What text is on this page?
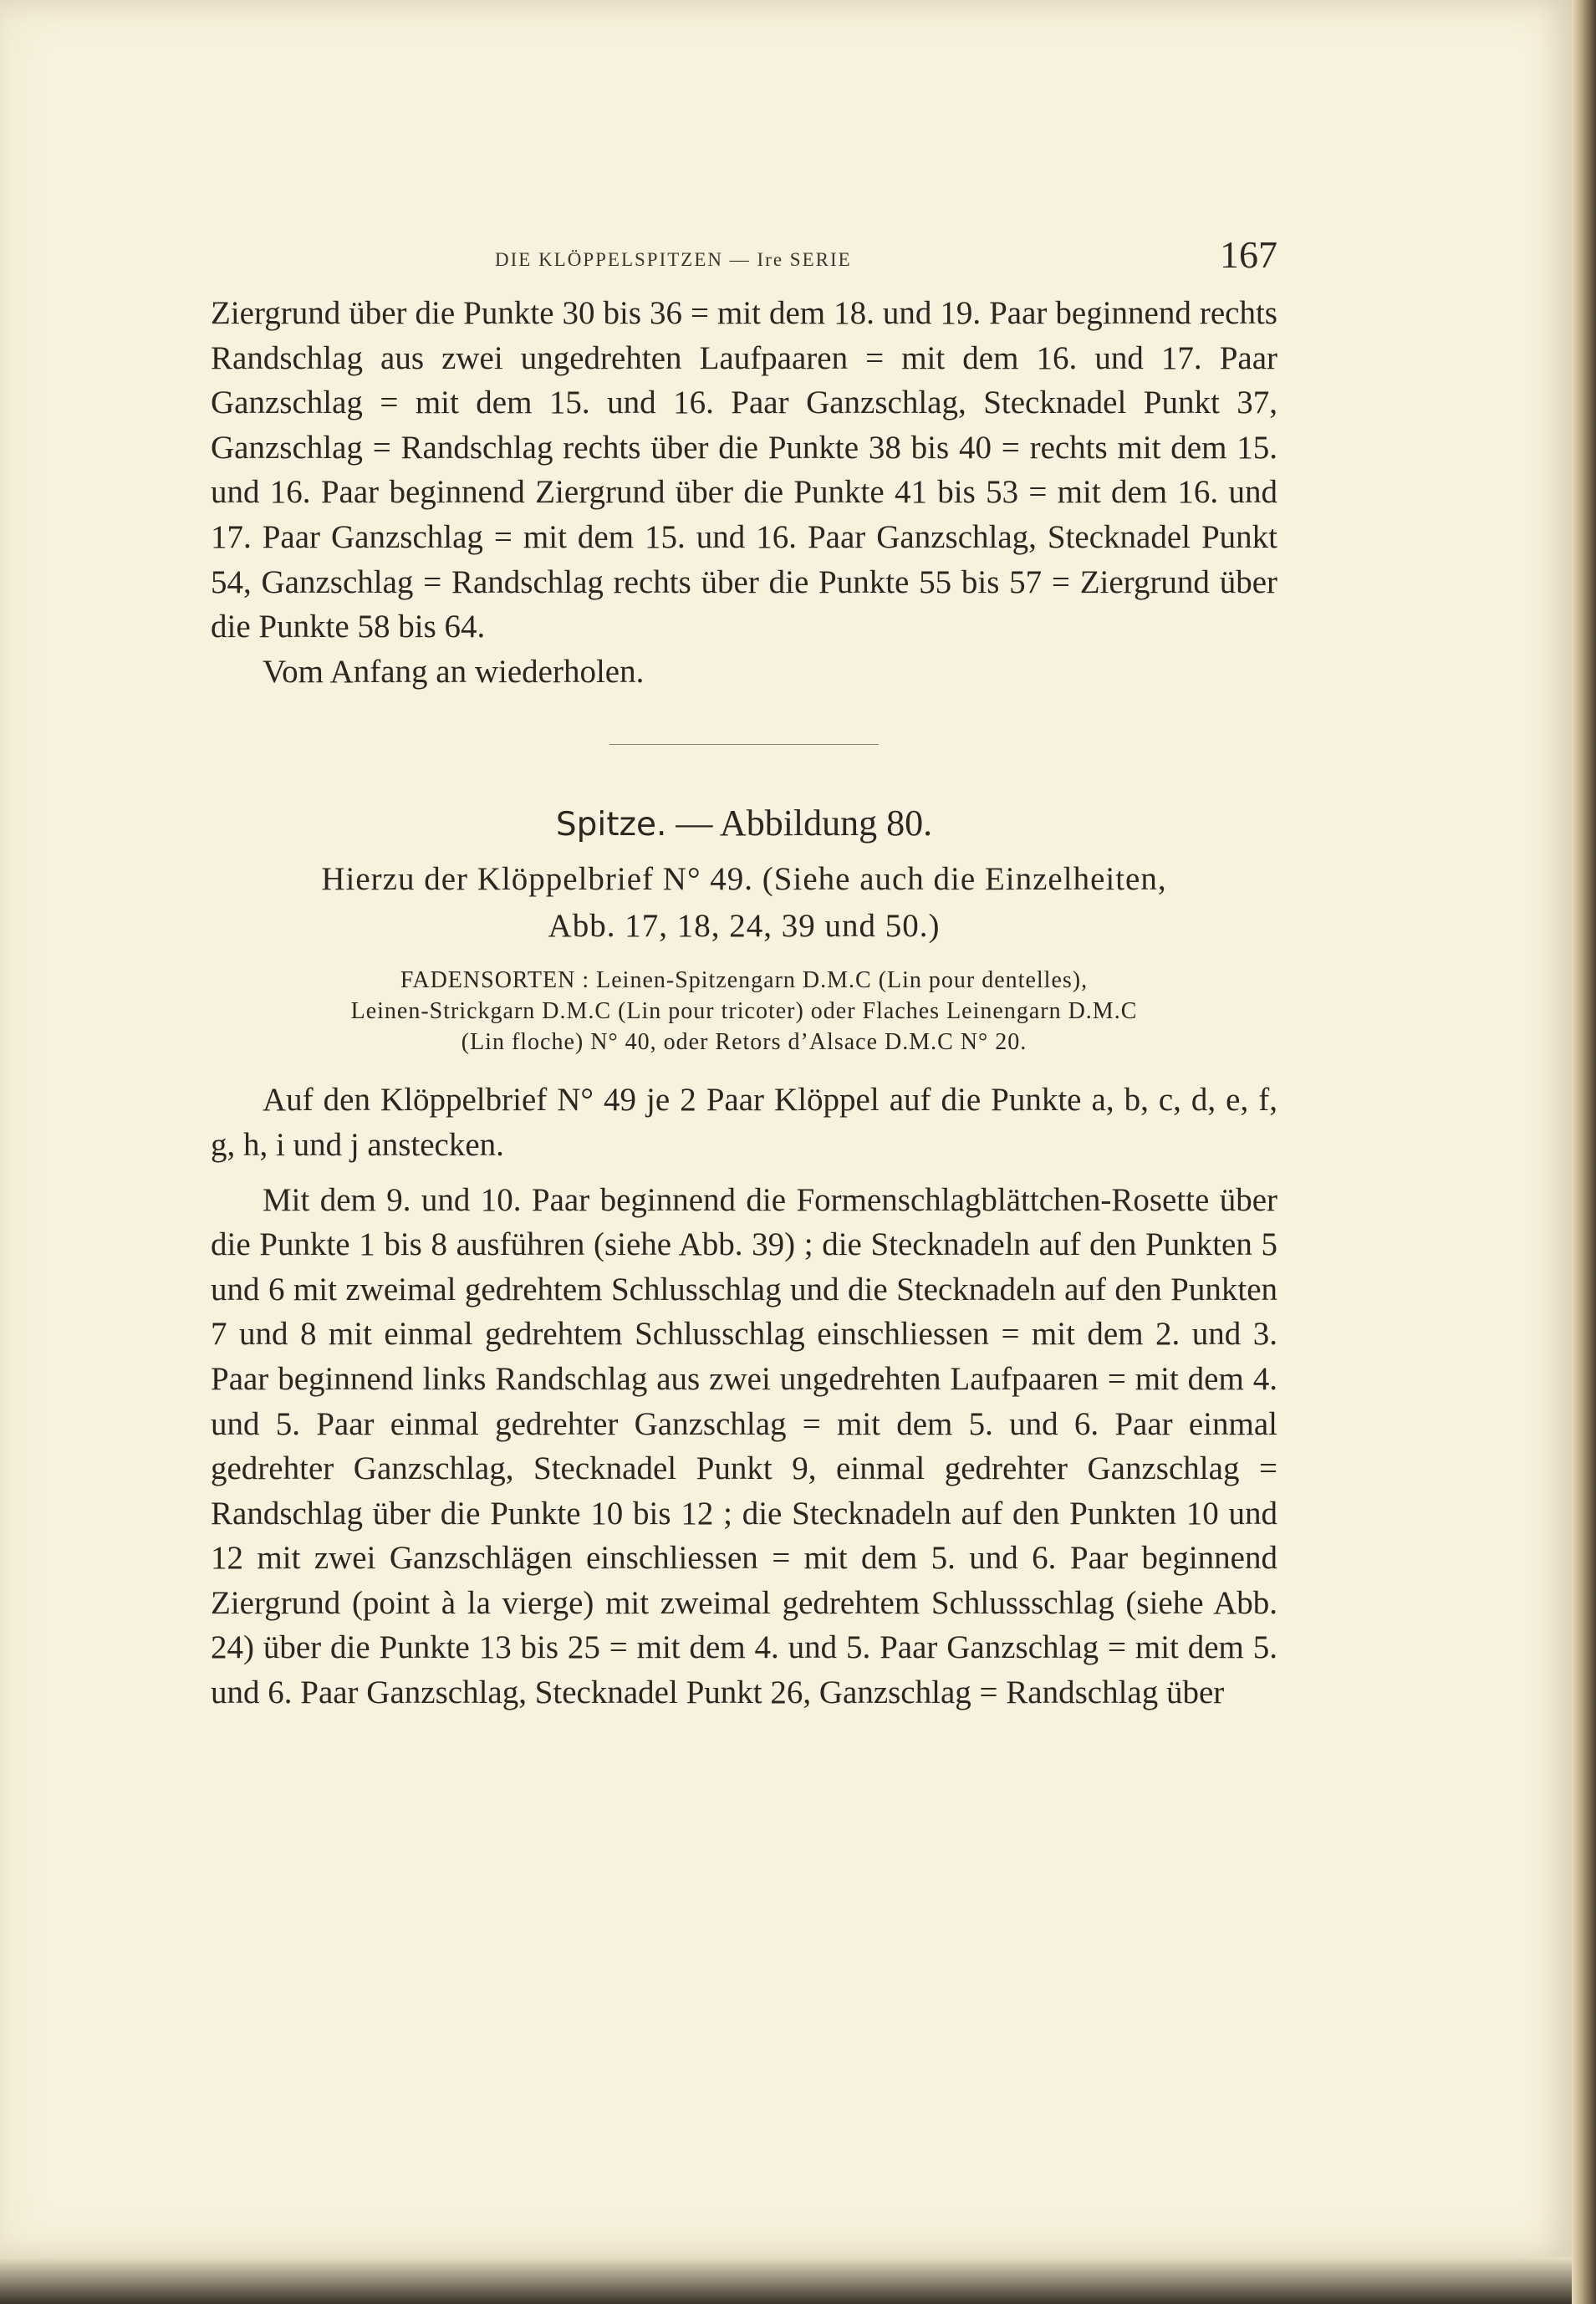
DIE KLÖPPELSPITZEN — Ire SERIE	167

Ziergrund über die Punkte 30 bis 36 = mit dem 18. und 19. Paar beginnend rechts Randschlag aus zwei ungedrehten Laufpaaren = mit dem 16. und 17. Paar Ganzschlag = mit dem 15. und 16. Paar Ganzschlag, Stecknadel Punkt 37, Ganzschlag = Randschlag rechts über die Punkte 38 bis 40 = rechts mit dem 15. und 16. Paar beginnend Ziergrund über die Punkte 41 bis 53 = mit dem 16. und 17. Paar Ganzschlag = mit dem 15. und 16. Paar Ganzschlag, Stecknadel Punkt 54, Ganzschlag = Randschlag rechts über die Punkte 55 bis 57 = Ziergrund über die Punkte 58 bis 64.

Vom Anfang an wiederholen.

Spitze. — Abbildung 80.
Hierzu der Klöppelbrief N° 49. (Siehe auch die Einzelheiten,
Abb. 17, 18, 24, 39 und 50.)
FADENSORTEN : Leinen-Spitzengarn D.M.C (Lin pour dentelles),
Leinen-Strickgarn D.M.C (Lin pour tricoter) oder Flaches Leinengarn D.M.C
(Lin floche) N° 40, oder Retors d’Alsace D.M.C N° 20.

Auf den Klöppelbrief N° 49 je 2 Paar Klöppel auf die Punkte a, b, c, d, e, f, g, h, i und j anstecken.

Mit dem 9. und 10. Paar beginnend die Formenschlagblättchen-Rosette über die Punkte 1 bis 8 ausführen (siehe Abb. 39) ; die Stecknadeln auf den Punkten 5 und 6 mit zweimal gedrehtem Schlusschlag und die Stecknadeln auf den Punkten 7 und 8 mit einmal gedrehtem Schlusschlag einschliessen = mit dem 2. und 3. Paar beginnend links Randschlag aus zwei ungedrehten Laufpaaren = mit dem 4. und 5. Paar einmal gedrehter Ganzschlag = mit dem 5. und 6. Paar einmal gedrehter Ganzschlag, Stecknadel Punkt 9, einmal gedrehter Ganzschlag = Randschlag über die Punkte 10 bis 12 ; die Stecknadeln auf den Punkten 10 und 12 mit zwei Ganzschlägen einschliessen = mit dem 5. und 6. Paar beginnend Ziergrund (point à la vierge) mit zweimal gedrehtem Schlussschlag (siehe Abb. 24) über die Punkte 13 bis 25 = mit dem 4. und 5. Paar Ganzschlag = mit dem 5. und 6. Paar Ganzschlag, Stecknadel Punkt 26, Ganzschlag = Randschlag über
